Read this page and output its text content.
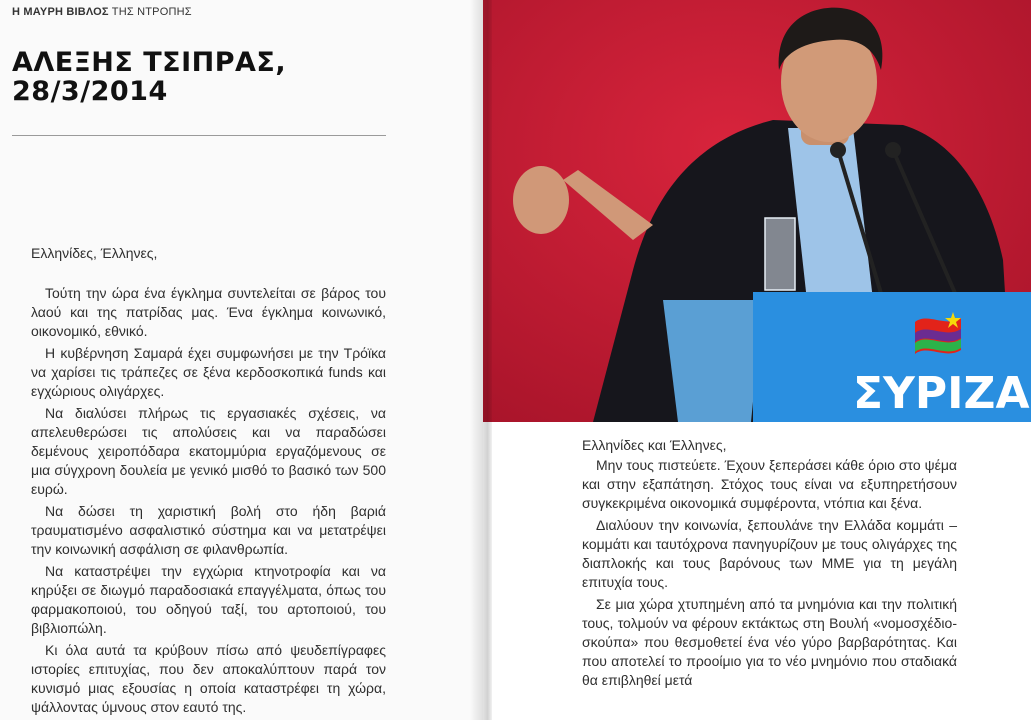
Η ΜΑΥΡΗ ΒΙΒΛΟΣ ΤΗΣ ΝΤΡΟΠΗΣ
ΑΛΕΞΗΣ ΤΣΙΠΡΑΣ,
28/3/2014

Ελληνίδες, Έλληνες,

Τούτη την ώρα ένα έγκλημα συντελείται σε βάρος του λαού και της πατρίδας μας. Ένα έγκλημα κοινωνικό, οικονομικό, εθνικό.

Η κυβέρνηση Σαμαρά έχει συμφωνήσει με την Τρόϊκα να χαρίσει τις τράπεζες σε ξένα κερδοσκοπικά funds και εγχώριους ολιγάρχες.

Να διαλύσει πλήρως τις εργασιακές σχέσεις, να απελευθερώσει τις απολύσεις και να παραδώσει δεμένους χειροπόδαρα εκατομμύρια εργαζόμενους σε μια σύγχρονη δουλεία με γενικό μισθό το βασικό των 500 ευρώ.

Να δώσει τη χαριστική βολή στο ήδη βαριά τραυματισμένο ασφαλιστικό σύστημα και να μετατρέψει την κοινωνική ασφάλιση σε φιλανθρωπία.

Να καταστρέψει την εγχώρια κτηνοτροφία και να κηρύξει σε διωγμό παραδοσιακά επαγγέλματα, όπως του φαρμακοποιού, του οδηγού ταξί, του αρτοποιού, του βιβλιοπώλη.

Κι όλα αυτά τα κρύβουν πίσω από ψευδεπίγραφες ιστορίες επιτυχίας, που δεν αποκαλύπτουν παρά τον κυνισμό μιας εξουσίας η οποία καταστρέφει τη χώρα, ψάλλοντας ύμνους στον εαυτό της.

ΣΥΡΙΖΑ

Ελληνίδες και Έλληνες,

Μην τους πιστεύετε. Έχουν ξεπεράσει κάθε όριο στο ψέμα και στην εξαπάτηση. Στόχος τους είναι να εξυπηρετήσουν συγκεκριμένα οικονομικά συμφέροντα, ντόπια και ξένα.

Διαλύουν την κοινωνία, ξεπουλάνε την Ελλάδα κομμάτι – κομμάτι και ταυτόχρονα πανηγυρίζουν με τους ολιγάρχες της διαπλοκής και τους βαρόνους των ΜΜΕ για τη μεγάλη επιτυχία τους.

Σε μια χώρα χτυπημένη από τα μνημόνια και την πολιτική τους, τολμούν να φέρουν εκτάκτως στη Βουλή «νομοσχέδιο-σκούπα» που θεσμοθετεί ένα νέο γύρο βαρβαρότητας. Και που αποτελεί το προοίμιο για το νέο μνημόνιο που σταδιακά θα επιβληθεί μετά
